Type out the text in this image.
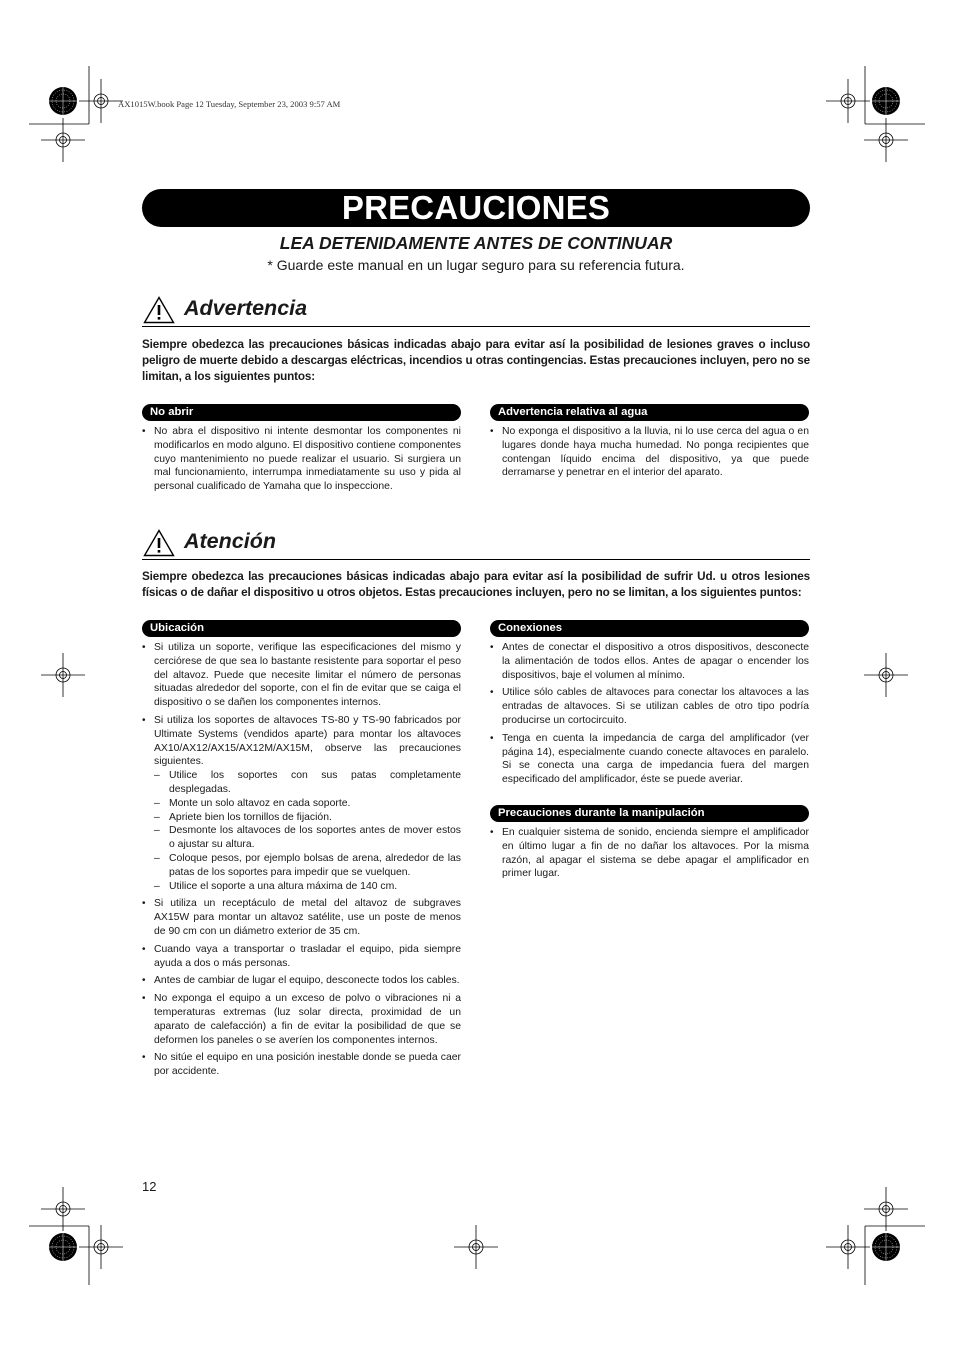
AX1015W.book Page 12 Tuesday, September 23, 2003 9:57 AM
PRECAUCIONES
LEA DETENIDAMENTE ANTES DE CONTINUAR
* Guarde este manual en un lugar seguro para su referencia futura.
Advertencia
Siempre obedezca las precauciones básicas indicadas abajo para evitar así la posibilidad de lesiones graves o incluso peligro de muerte debido a descargas eléctricas, incendios u otras contingencias. Estas precauciones incluyen, pero no se limitan, a los siguientes puntos:
No abrir
• No abra el dispositivo ni intente desmontar los componentes ni modificarlos en modo alguno. El dispositivo contiene componentes cuyo mantenimiento no puede realizar el usuario. Si surgiera un mal funcionamiento, interrumpa inmediatamente su uso y pida al personal cualificado de Yamaha que lo inspeccione.
Advertencia relativa al agua
• No exponga el dispositivo a la lluvia, ni lo use cerca del agua o en lugares donde haya mucha humedad. No ponga recipientes que contengan líquido encima del dispositivo, ya que puede derramarse y penetrar en el interior del aparato.
Atención
Siempre obedezca las precauciones básicas indicadas abajo para evitar así la posibilidad de sufrir Ud. u otros lesiones físicas o de dañar el dispositivo u otros objetos. Estas precauciones incluyen, pero no se limitan, a los siguientes puntos:
Ubicación
• Si utiliza un soporte, verifique las especificaciones del mismo y cerciórese de que sea lo bastante resistente para soportar el peso del altavoz. Puede que necesite limitar el número de personas situadas alrededor del soporte, con el fin de evitar que se caiga el dispositivo o se dañen los componentes internos.
• Si utiliza los soportes de altavoces TS-80 y TS-90 fabricados por Ultimate Systems (vendidos aparte) para montar los altavoces AX10/AX12/AX15/AX12M/AX15M, observe las precauciones siguientes.
– Utilice los soportes con sus patas completamente desplegadas.
– Monte un solo altavoz en cada soporte.
– Apriete bien los tornillos de fijación.
– Desmonte los altavoces de los soportes antes de mover estos o ajustar su altura.
– Coloque pesos, por ejemplo bolsas de arena, alrededor de las patas de los soportes para impedir que se vuelquen.
– Utilice el soporte a una altura máxima de 140 cm.
• Si utiliza un receptáculo de metal del altavoz de subgraves AX15W para montar un altavoz satélite, use un poste de menos de 90 cm con un diámetro exterior de 35 cm.
• Cuando vaya a transportar o trasladar el equipo, pida siempre ayuda a dos o más personas.
• Antes de cambiar de lugar el equipo, desconecte todos los cables.
• No exponga el equipo a un exceso de polvo o vibraciones ni a temperaturas extremas (luz solar directa, proximidad de un aparato de calefacción) a fin de evitar la posibilidad de que se deformen los paneles o se averíen los componentes internos.
• No sitúe el equipo en una posición inestable donde se pueda caer por accidente.
Conexiones
• Antes de conectar el dispositivo a otros dispositivos, desconecte la alimentación de todos ellos. Antes de apagar o encender los dispositivos, baje el volumen al mínimo.
• Utilice sólo cables de altavoces para conectar los altavoces a las entradas de altavoces. Si se utilizan cables de otro tipo podría producirse un cortocircuito.
• Tenga en cuenta la impedancia de carga del amplificador (ver página 14), especialmente cuando conecte altavoces en paralelo. Si se conecta una carga de impedancia fuera del margen especificado del amplificador, éste se puede averiar.
Precauciones durante la manipulación
• En cualquier sistema de sonido, encienda siempre el amplificador en último lugar a fin de no dañar los altavoces. Por la misma razón, al apagar el sistema se debe apagar el amplificador en primer lugar.
12
